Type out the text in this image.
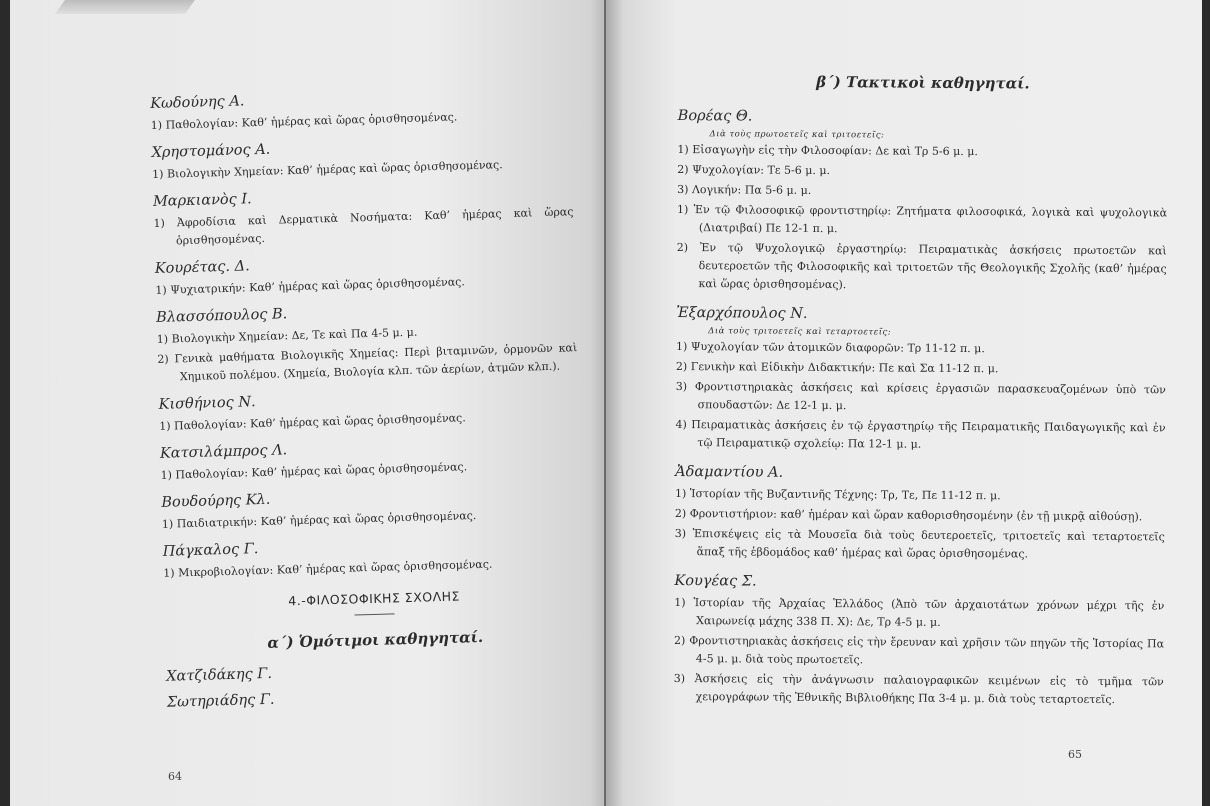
Κωδούνης Α.

1) Παθολογίαν: Καθ’ ἡμέρας καὶ ὥρας ὁρισθησομένας.

Χρηστομάνος Α.

1) Βιολογικὴν Χημείαν: Καθ’ ἡμέρας καὶ ὥρας ὁρισθησομένας.

Μαρκιανὸς Ι.

1) Ἀφροδίσια καὶ Δερματικὰ Νοσήματα: Καθ’ ἡμέρας καὶ ὥρας ὁρισθησομένας.

Κουρέτας. Δ.

1) Ψυχιατρικήν: Καθ’ ἡμέρας καὶ ὥρας ὁρισθησομένας.

Βλασσόπουλος Β.

1) Βιολογικὴν Χημείαν: Δε, Τε καὶ Πα 4-5 μ. μ.

2) Γενικὰ μαθήματα Βιολογικῆς Χημείας: Περὶ βιταμινῶν, ὁρμονῶν καὶ Χημικοῦ πολέμου. (Χημεία, Βιολογία κλπ. τῶν ἀερίων, ἀτμῶν κλπ.).

Κισθήνιος Ν.

1) Παθολογίαν: Καθ’ ἡμέρας καὶ ὥρας ὁρισθησομένας.

Κατσιλάμπρος Λ.

1) Παθολογίαν: Καθ’ ἡμέρας καὶ ὥρας ὁρισθησομένας.

Βουδούρης Κλ.

1) Παιδιατρικήν: Καθ’ ἡμέρας καὶ ὥρας ὁρισθησομένας.

Πάγκαλος Γ.

1) Μικροβιολογίαν: Καθ’ ἡμέρας καὶ ὥρας ὁρισθησομένας.

4.-ΦΙΛΟΣΟΦΙΚΗΣ ΣΧΟΛΗΣ

α΄) Ὁμότιμοι καθηγηταί.

Χατζιδάκης Γ.

Σωτηριάδης Γ.

64

β΄) Τακτικοὶ καθηγηταί.

Βορέας Θ.

Διὰ τοὺς πρωτοετεῖς καὶ τριτοετεῖς:

1) Εἰσαγωγὴν εἰς τὴν Φιλοσοφίαν: Δε καὶ Τρ 5-6 μ. μ.

2) Ψυχολογίαν: Τε 5-6 μ. μ.

3) Λογικήν: Πα 5-6 μ. μ.

1) Ἐν τῷ Φιλοσοφικῷ φροντιστηρίῳ: Ζητήματα φιλοσοφικά, λογικὰ καὶ ψυχολογικὰ (Διατριβαί) Πε 12-1 π. μ.

2) Ἐν τῷ Ψυχολογικῷ ἐργαστηρίῳ: Πειραματικὰς ἀσκήσεις πρωτοετῶν καὶ δευτεροετῶν τῆς Φιλοσοφικῆς καὶ τριτοετῶν τῆς Θεολογικῆς Σχολῆς (καθ’ ἡμέρας καὶ ὥρας ὁρισθησομένας).

Ἐξαρχόπουλος Ν.

Διὰ τοὺς τριτοετεῖς καὶ τεταρτοετεῖς:

1) Ψυχολογίαν τῶν ἀτομικῶν διαφορῶν: Τρ 11-12 π. μ.

2) Γενικὴν καὶ Εἰδικὴν Διδακτικήν: Πε καὶ Σα 11-12 π. μ.

3) Φροντιστηριακὰς ἀσκήσεις καὶ κρίσεις ἐργασιῶν παρασκευαζομένων ὑπὸ τῶν σπουδαστῶν: Δε 12-1 μ. μ.

4) Πειραματικὰς ἀσκήσεις ἐν τῷ ἐργαστηρίῳ τῆς Πειραματικῆς Παιδαγωγικῆς καὶ ἐν τῷ Πειραματικῷ σχολείῳ: Πα 12-1 μ. μ.

Ἀδαμαντίου Α.

1) Ἱστορίαν τῆς Βυζαντινῆς Τέχνης: Τρ, Τε, Πε 11-12 π. μ.

2) Φροντιστήριον: καθ’ ἡμέραν καὶ ὥραν καθορισθησομένην (ἐν τῇ μικρᾷ αἰθούσῃ).

3) Ἐπισκέψεις εἰς τὰ Μουσεῖα διὰ τοὺς δευτεροετεῖς, τριτοετεῖς καὶ τεταρτοετεῖς ἅπαξ τῆς ἑβδομάδος καθ’ ἡμέρας καὶ ὥρας ὁρισθησομένας.

Κουγέας Σ.

1) Ἱστορίαν τῆς Ἀρχαίας Ἑλλάδος (Ἀπὸ τῶν ἀρχαιοτάτων χρόνων μέχρι τῆς ἐν Χαιρωνείᾳ μάχης 338 Π. Χ): Δε, Τρ 4-5 μ. μ.

2) Φροντιστηριακὰς ἀσκήσεις εἰς τὴν ἔρευναν καὶ χρῆσιν τῶν πηγῶν τῆς Ἱστορίας Πα 4-5 μ. μ. διὰ τοὺς πρωτοετεῖς.

3) Ἀσκήσεις εἰς τὴν ἀνάγνωσιν παλαιογραφικῶν κειμένων εἰς τὸ τμῆμα τῶν χειρογράφων τῆς Ἐθνικῆς Βιβλιοθήκης Πα 3-4 μ. μ. διὰ τοὺς τεταρτοετεῖς.

65
